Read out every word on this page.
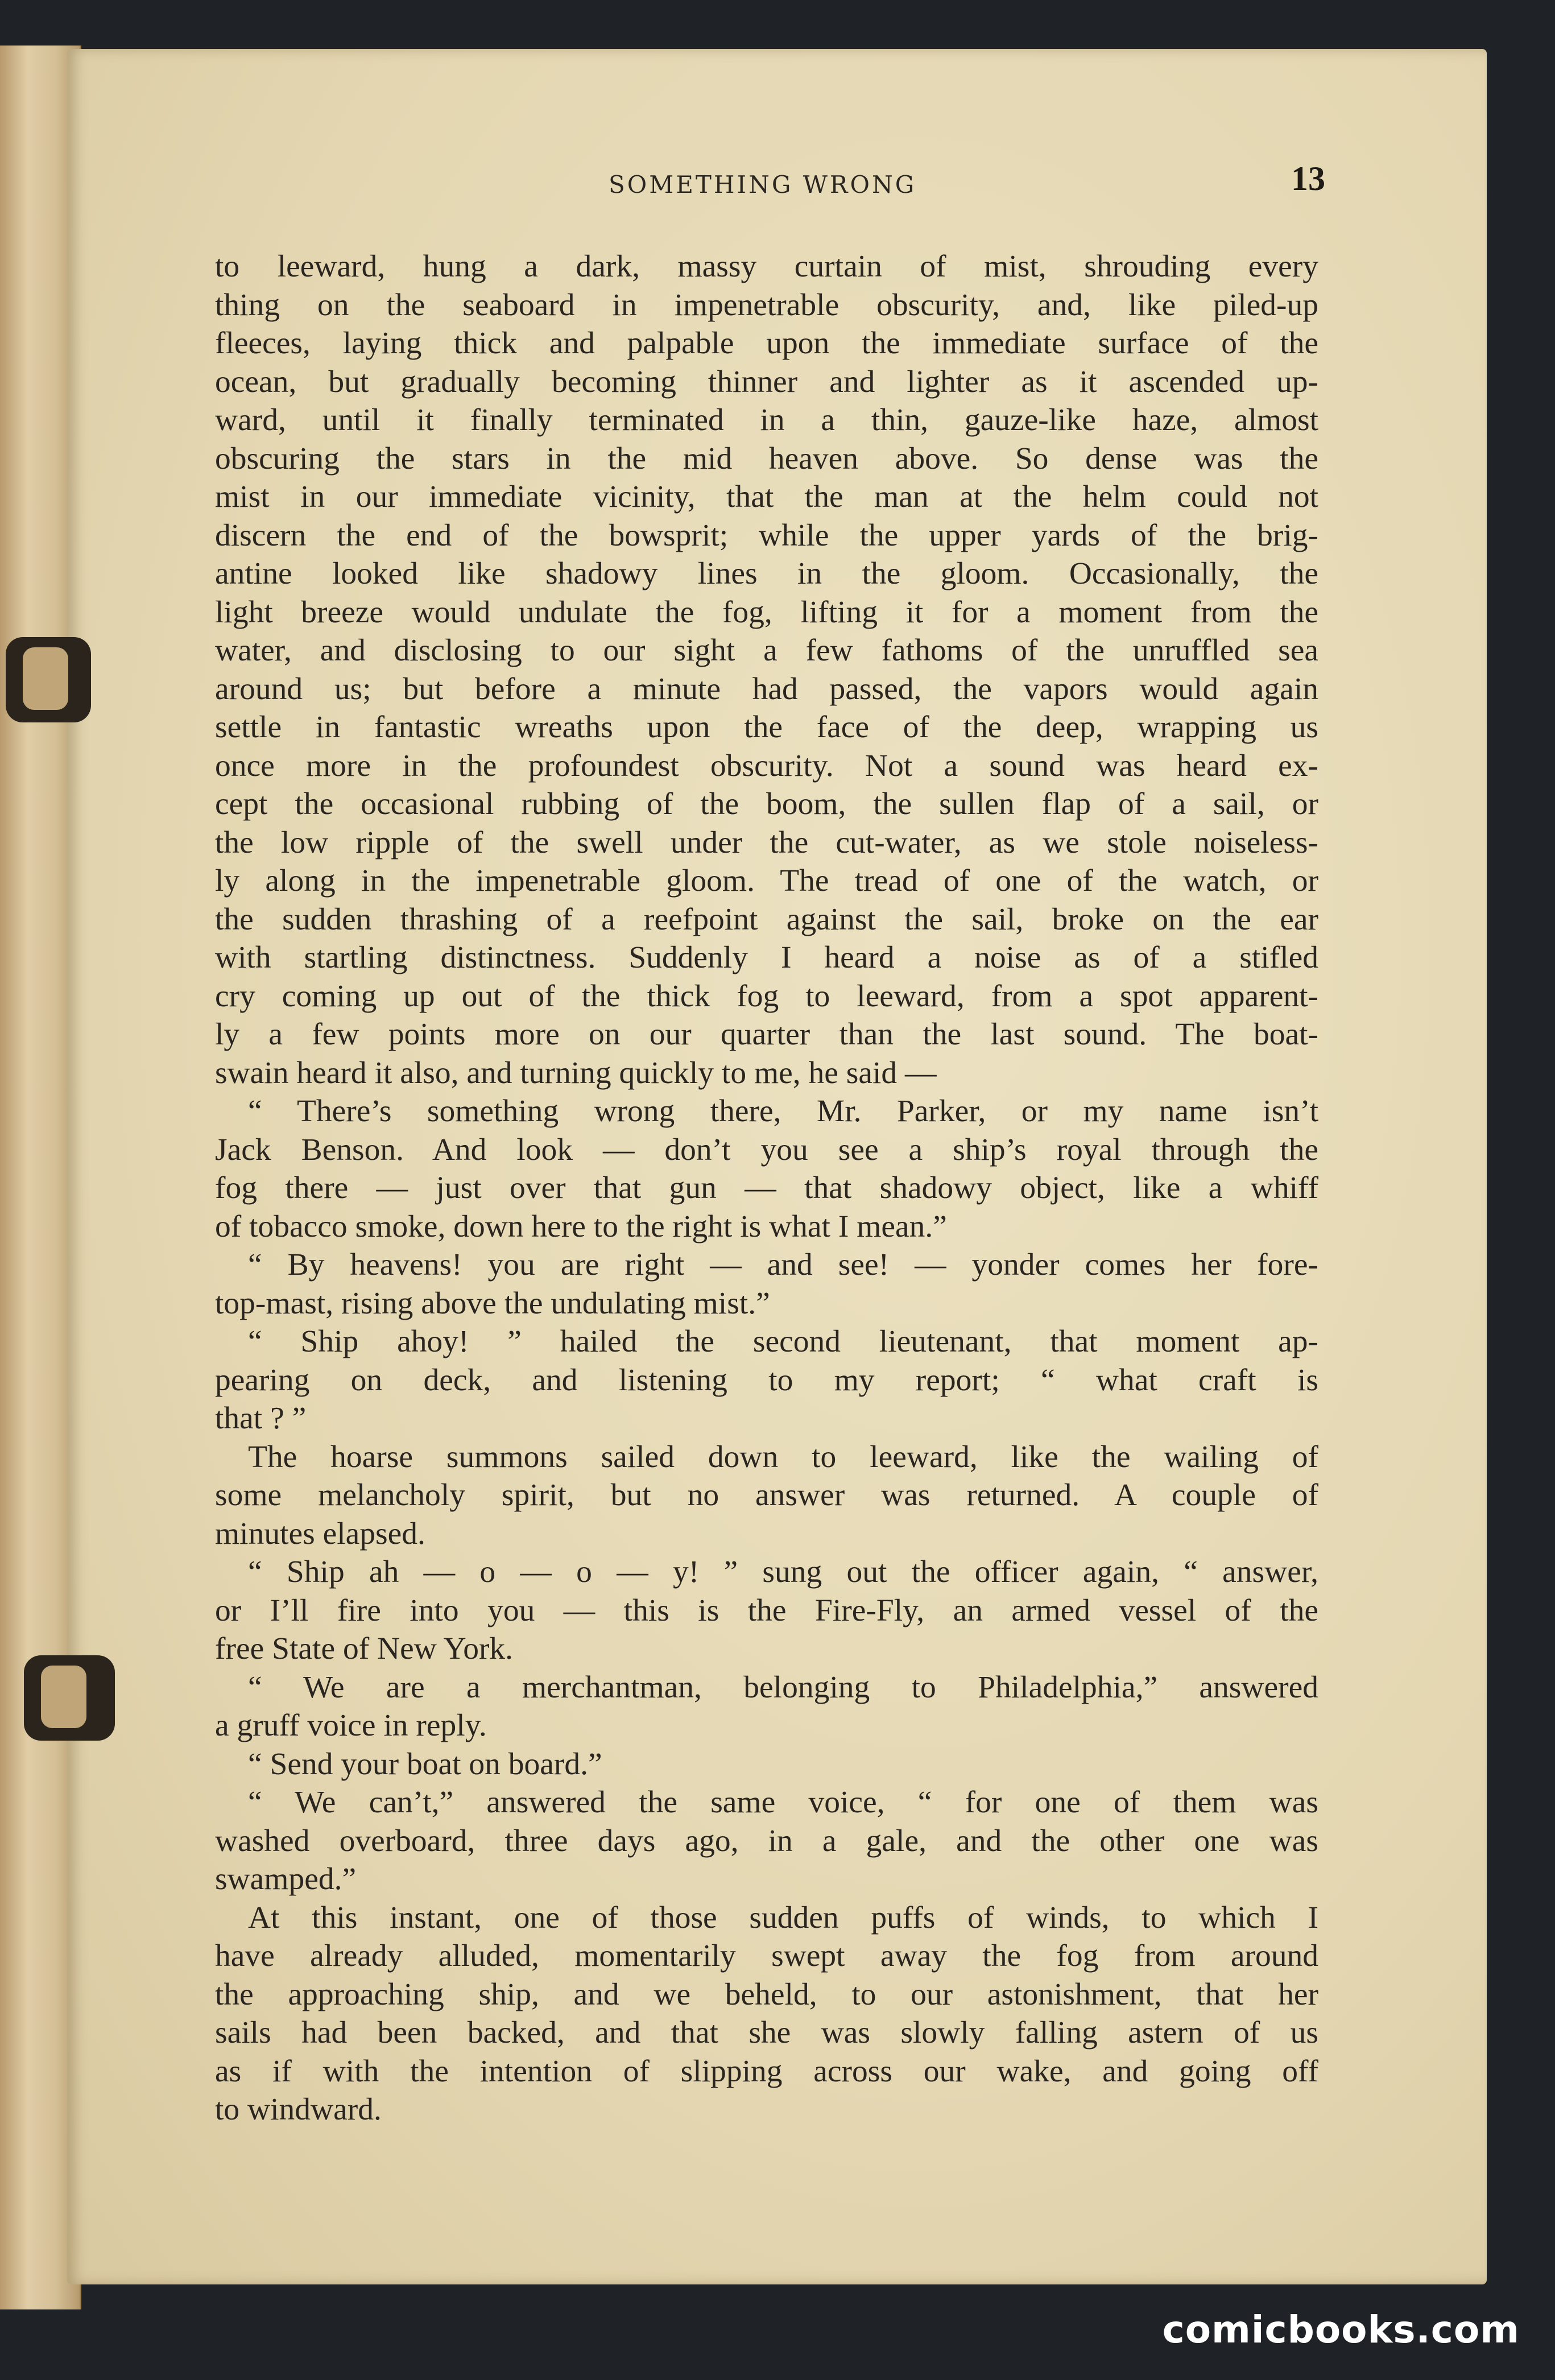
SOMETHING WRONG	13
to leeward, hung a dark, massy curtain of mist, shrouding every
thing on the seaboard in impenetrable obscurity, and, like piled-up
fleeces, laying thick and palpable upon the immediate surface of the
ocean, but gradually becoming thinner and lighter as it ascended up-
ward, until it finally terminated in a thin, gauze-like haze, almost
obscuring the stars in the mid heaven above. So dense was the
mist in our immediate vicinity, that the man at the helm could not
discern the end of the bowsprit; while the upper yards of the brig-
antine looked like shadowy lines in the gloom. Occasionally, the
light breeze would undulate the fog, lifting it for a moment from the
water, and disclosing to our sight a few fathoms of the unruffled sea
around us; but before a minute had passed, the vapors would again
settle in fantastic wreaths upon the face of the deep, wrapping us
once more in the profoundest obscurity. Not a sound was heard ex-
cept the occasional rubbing of the boom, the sullen flap of a sail, or
the low ripple of the swell under the cut-water, as we stole noiseless-
ly along in the impenetrable gloom. The tread of one of the watch, or
the sudden thrashing of a reefpoint against the sail, broke on the ear
with startling distinctness. Suddenly I heard a noise as of a stifled
cry coming up out of the thick fog to leeward, from a spot apparent-
ly a few points more on our quarter than the last sound. The boat-
swain heard it also, and turning quickly to me, he said —
“ There’s something wrong there, Mr. Parker, or my name isn’t
Jack Benson. And look — don’t you see a ship’s royal through the
fog there — just over that gun — that shadowy object, like a whiff
of tobacco smoke, down here to the right is what I mean.”
“ By heavens! you are right — and see! — yonder comes her fore-
top-mast, rising above the undulating mist.”
“ Ship ahoy! ” hailed the second lieutenant, that moment ap-
pearing on deck, and listening to my report; “ what craft is
that ? ”
The hoarse summons sailed down to leeward, like the wailing of
some melancholy spirit, but no answer was returned. A couple of
minutes elapsed.
“ Ship ah — o — o — y! ” sung out the officer again, “ answer,
or I’ll fire into you — this is the Fire-Fly, an armed vessel of the
free State of New York.
“ We are a merchantman, belonging to Philadelphia,” answered
a gruff voice in reply.
“ Send your boat on board.”
“ We can’t,” answered the same voice, “ for one of them was
washed overboard, three days ago, in a gale, and the other one was
swamped.”
At this instant, one of those sudden puffs of winds, to which I
have already alluded, momentarily swept away the fog from around
the approaching ship, and we beheld, to our astonishment, that her
sails had been backed, and that she was slowly falling astern of us
as if with the intention of slipping across our wake, and going off
to windward.
comicbooks.com
